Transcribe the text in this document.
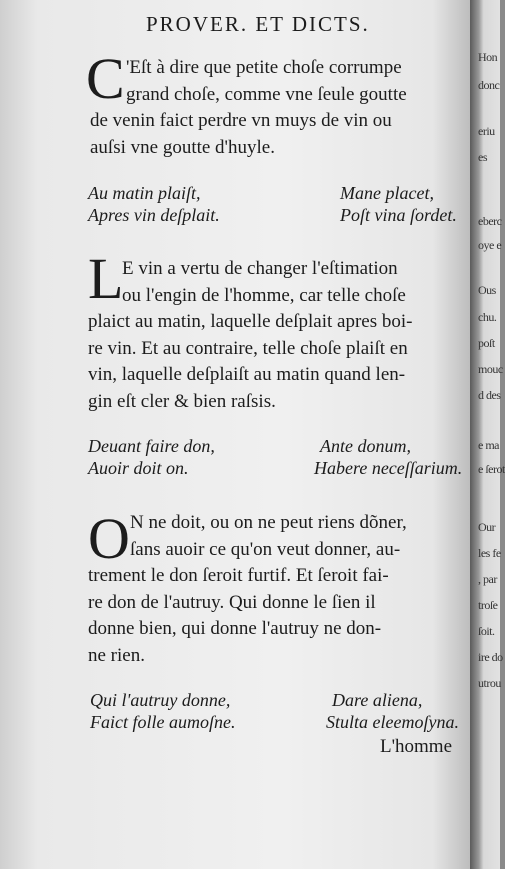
PROVER. ET DICTS.
C 'Eſt à dire que petite choſe corrumpe
grand choſe, comme vne ſeule goutte
de venin faict perdre vn muys de vin ou
auſsi vne goutte d'huyle.
Au matin plaiſt,
Apres vin deſplait.
Mane placet,
Poſt vina ſordet.
L
E vin a vertu de changer l'eſtimation
ou l'engin de l'homme, car telle choſe
plaict au matin, laquelle deſplait apres boi-
re vin. Et au contraire, telle choſe plaiſt en
vin, laquelle deſplaiſt au matin quand len-
gin eſt cler & bien raſsis.
Deuant faire don,
Auoir doit on.
Ante donum,
Habere neceſſarium.
O N ne doit, ou on ne peut riens dõner,
ſans auoir ce qu'on veut donner, au-
trement le don ſeroit furtif. Et ſeroit fai-
re don de l'autruy. Qui donne le ſien il
donne bien, qui donne l'autruy ne don-
ne rien.
Qui l'autruy donne,
Faict folle aumoſne.
Dare aliena,
Stulta eleemoſyna.
L'homme
Hon
donc
eriu
es
eberc
oye e
Ous
chu.
poſt
mouc
d des
e ma
e ſerot
Our
les fe
, par
troſe
ſoit.
ire do
utrou
